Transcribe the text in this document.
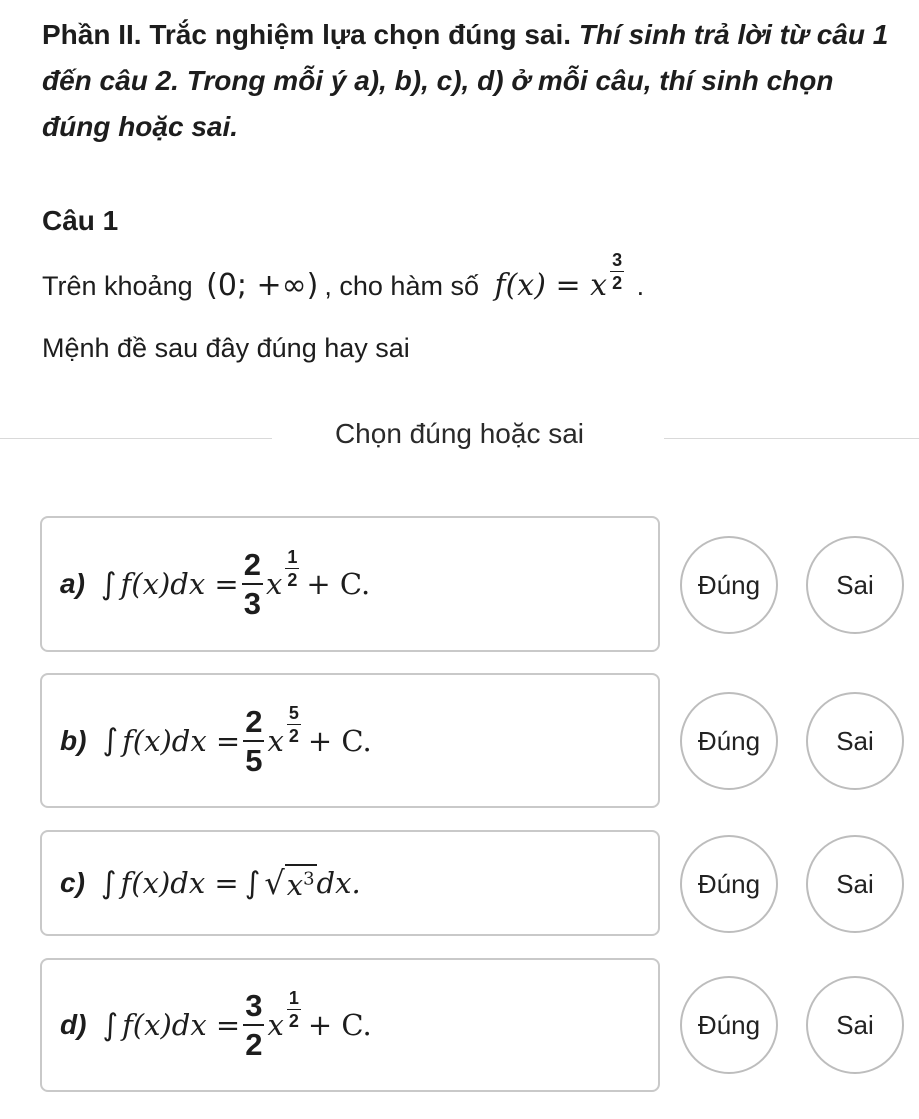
Phần II. Trắc nghiệm lựa chọn đúng sai. Thí sinh trả lời từ câu 1 đến câu 2. Trong mỗi ý a), b), c), d) ở mỗi câu, thí sinh chọn đúng hoặc sai.
Câu 1
Trên khoảng (0; +∞) , cho hàm số f(x) = x $\frac{3}{2}$ .
Mệnh đề sau đây đúng hay sai
Chọn đúng hoặc sai
a) ∫ $f(x)dx = \frac{2}{3}$ x $\frac{1}{2} + C$.	Đúng	Sai
b) ∫ $f(x)dx = \frac{2}{5}$ x $\frac{5}{2} + C$.	Đúng	Sai
c) ∫ f(x)dx = ∫ √ $x^3$ dx.	Đúng	Sai
d) ∫ $f(x)dx = \frac{3}{2}$ x $\frac{1}{2} + C$.	Đúng	Sai
